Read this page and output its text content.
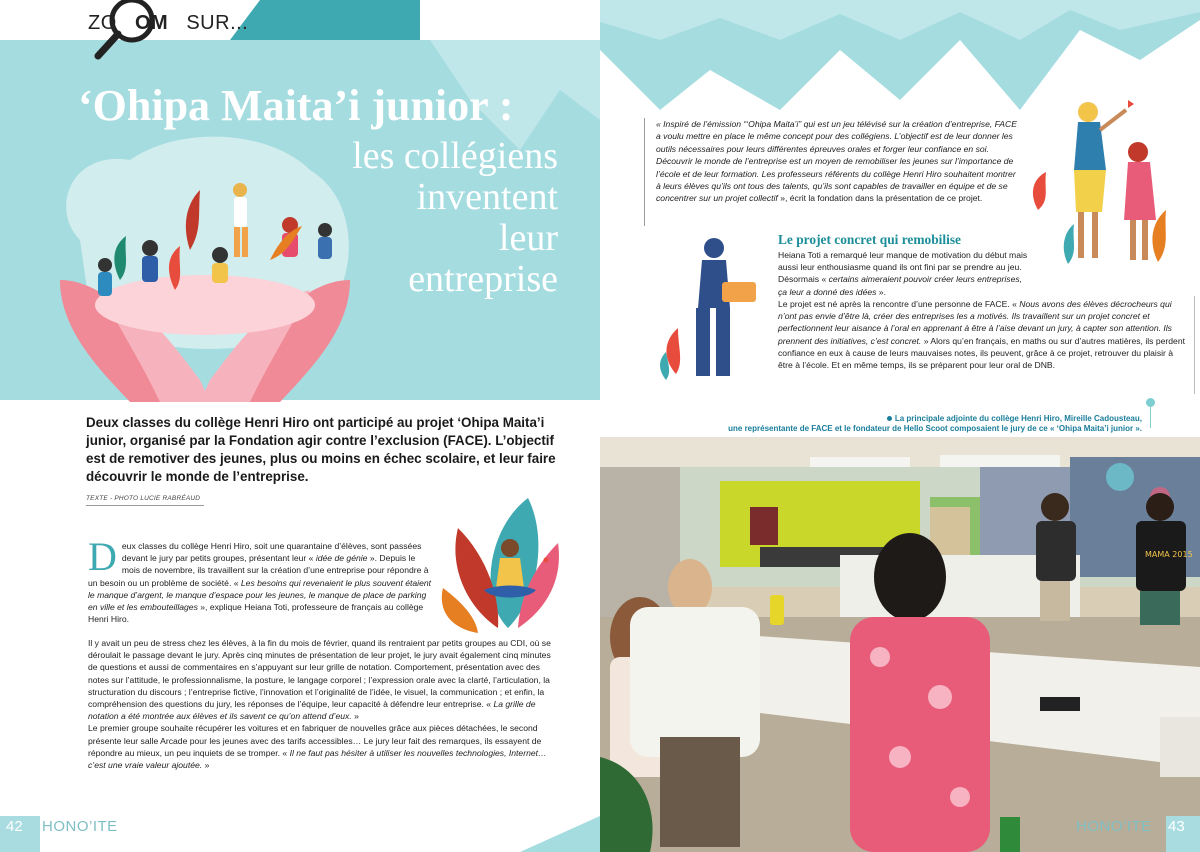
ZO OM SUR...
‘Ohipa Maita’i junior :
les collégiens
inventent
leur
entreprise
Deux classes du collège Henri Hiro ont participé au projet ‘Ohipa Maita’i junior, organisé par la Fondation agir contre l’exclusion (FACE). L’objectif est de remotiver des jeunes, plus ou moins en échec scolaire, et leur faire découvrir le monde de l’entreprise.
TEXTE - PHOTO LUCIE RABRÉAUD
Deux classes du collège Henri Hiro, soit une quarantaine d’élèves, sont passées devant le jury par petits groupes, présentant leur « idée de génie ». Depuis le mois de novembre, ils travaillent sur la création d’une entreprise pour répondre à un besoin ou un problème de société. « Les besoins qui revenaient le plus souvent étaient le manque d’argent, le manque d’espace pour les jeunes, le manque de place de parking en ville et les embouteillages », explique Heiana Toti, professeure de français au collège Henri Hiro.

Il y avait un peu de stress chez les élèves, à la fin du mois de février, quand ils rentraient par petits groupes au CDI, où se déroulait le passage devant le jury. Après cinq minutes de présentation de leur projet, le jury avait également cinq minutes de questions et aussi de commentaires en s’appuyant sur leur grille de notation. Comportement, présentation avec des notes sur l’attitude, le professionnalisme, la posture, le langage corporel ; l’expression orale avec la clarté, l’articulation, la structuration du discours ; l’entreprise fictive, l’innovation et l’originalité de l’idée, le visuel, la communication ; et enfin, la compréhension des questions du jury, les réponses de l’équipe, leur capacité à défendre leur entreprise. « La grille de notation a été montrée aux élèves et ils savent ce qu’on attend d’eux. »

Le premier groupe souhaite récupérer les voitures et en fabriquer de nouvelles grâce aux pièces détachées, le second présente leur salle Arcade pour les jeunes avec des tarifs accessibles… Le jury leur fait des remarques, ils essayent de répondre au mieux, un peu inquiets de se tromper. « Il ne faut pas hésiter à utiliser les nouvelles technologies, Internet… c’est une vraie valeur ajoutée. »

42 HONO’ITE
« Inspiré de l’émission “‘Ohipa Maita’i” qui est un jeu télévisé sur la création d’entreprise, FACE a voulu mettre en place le même concept pour des collégiens. L’objectif est de leur donner les outils nécessaires pour leurs différentes épreuves orales et forger leur confiance en soi. Découvrir le monde de l’entreprise est un moyen de remobiliser les jeunes sur l’importance de l’école et de leur formation. Les professeurs référents du collège Henri Hiro souhaitent montrer à leurs élèves qu’ils ont tous des talents, qu’ils sont capables de travailler en équipe et de se concentrer sur un projet collectif », écrit la fondation dans la présentation de ce projet.
Le projet concret qui remobilise
Heiana Toti a remarqué leur manque de motivation du début mais aussi leur enthousiasme quand ils ont fini par se prendre au jeu. Désormais « certains aimeraient pouvoir créer leurs entreprises, ça leur a donné des idées ».
Le projet est né après la rencontre d’une personne de FACE. « Nous avons des élèves décrocheurs qui n’ont pas envie d’être là, créer des entreprises les a motivés. Ils travaillent sur un projet concret et perfectionnent leur aisance à l’oral en apprenant à être à l’aise devant un jury, à capter son attention. Ils prennent des initiatives, c’est concret. » Alors qu’en français, en maths ou sur d’autres matières, ils perdent confiance en eux à cause de leurs mauvaises notes, ils peuvent, grâce à ce projet, retrouver du plaisir à être à l’école. Et en même temps, ils se préparent pour leur oral de DNB.
La principale adjointe du collège Henri Hiro, Mireille Cadousteau,
une représentante de FACE et le fondateur de Hello Scoot composaient le jury de ce « ‘Ohipa Maita’i junior ».
MAMA 2015
HONO’ITE 43
